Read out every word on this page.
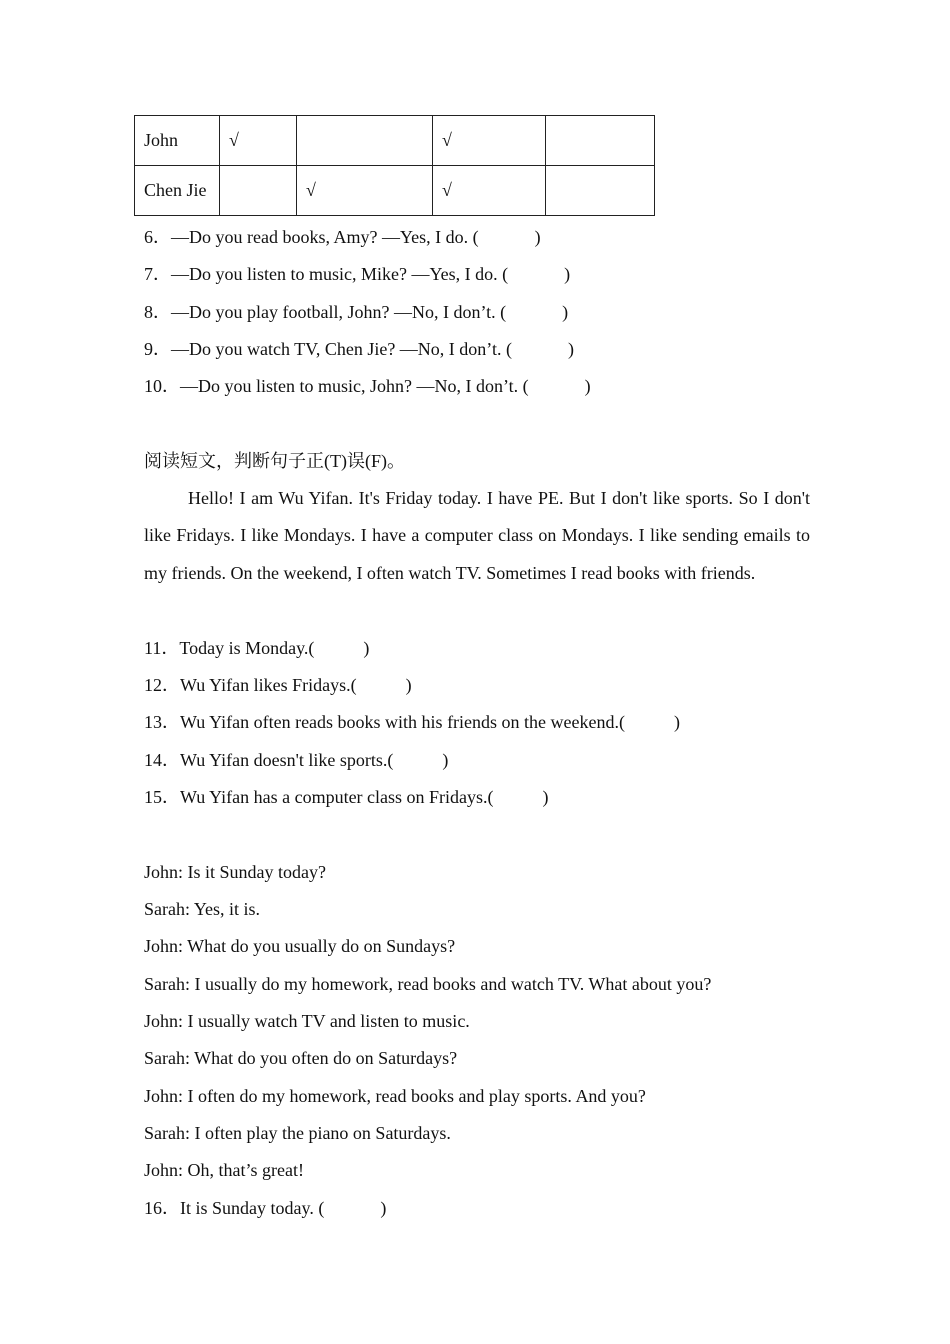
John	√		√	
Chen Jie		√	√	
6．—Do you read books, Amy? —Yes, I do. (	)
7．—Do you listen to music, Mike? —Yes, I do. (	)
8．—Do you play football, John? —No, I don’t. (	)
9．—Do you watch TV, Chen Jie? —No, I don’t. (	)
10．—Do you listen to music, John? —No, I don’t. (	)
阅读短文，判断句子正(T)误(F)。
Hello! I am Wu Yifan. It's Friday today. I have PE. But I don't like sports. So I don't like Fridays. I like Mondays. I have a computer class on Mondays. I like sending emails to my friends. On the weekend, I often watch TV. Sometimes I read books with friends.
11．Today is Monday.(	)
12．Wu Yifan likes Fridays.(	)
13．Wu Yifan often reads books with his friends on the weekend.(	)
14．Wu Yifan doesn't like sports.(	)
15．Wu Yifan has a computer class on Fridays.(	)
John: Is it Sunday today?
Sarah: Yes, it is.
John: What do you usually do on Sundays?
Sarah: I usually do my homework, read books and watch TV. What about you?
John: I usually watch TV and listen to music.
Sarah: What do you often do on Saturdays?
John: I often do my homework, read books and play sports. And you?
Sarah: I often play the piano on Saturdays.
John: Oh, that’s great!
16．It is Sunday today. (	)
